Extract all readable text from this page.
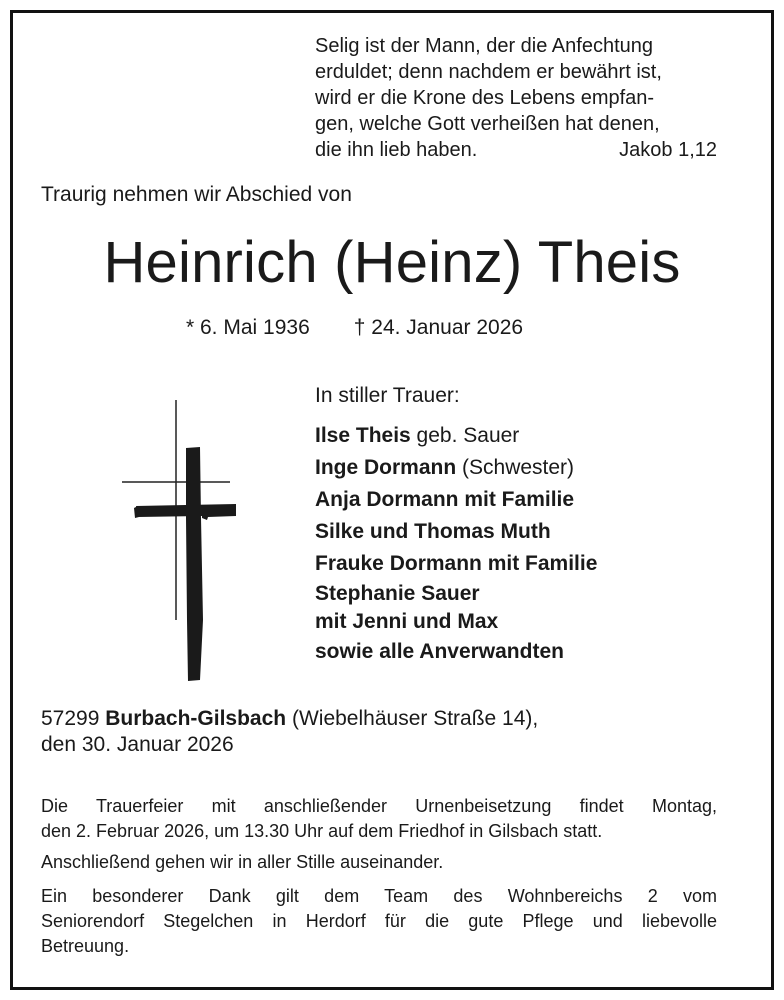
Selig ist der Mann, der die Anfechtung
erduldet; denn nachdem er bewährt ist,
wird er die Krone des Lebens empfan-
gen, welche Gott verheißen hat denen,
die ihn lieb haben.	Jakob 1,12
Traurig nehmen wir Abschied von
Heinrich (Heinz) Theis
* 6. Mai 1936 † 24. Januar 2026
In stiller Trauer:
Ilse Theis geb. Sauer
Inge Dormann (Schwester)
Anja Dormann mit Familie
Silke und Thomas Muth
Frauke Dormann mit Familie
Stephanie Sauer
mit Jenni und Max
sowie alle Anverwandten
57299 Burbach-Gilsbach (Wiebelhäuser Straße 14),
den 30. Januar 2026
Die Trauerfeier mit anschließender Urnenbeisetzung findet Montag,
den 2. Februar 2026, um 13.30 Uhr auf dem Friedhof in Gilsbach statt.
Anschließend gehen wir in aller Stille auseinander.
Ein besonderer Dank gilt dem Team des Wohnbereichs 2 vom
Seniorendorf Stegelchen in Herdorf für die gute Pflege und liebevolle
Betreuung.
